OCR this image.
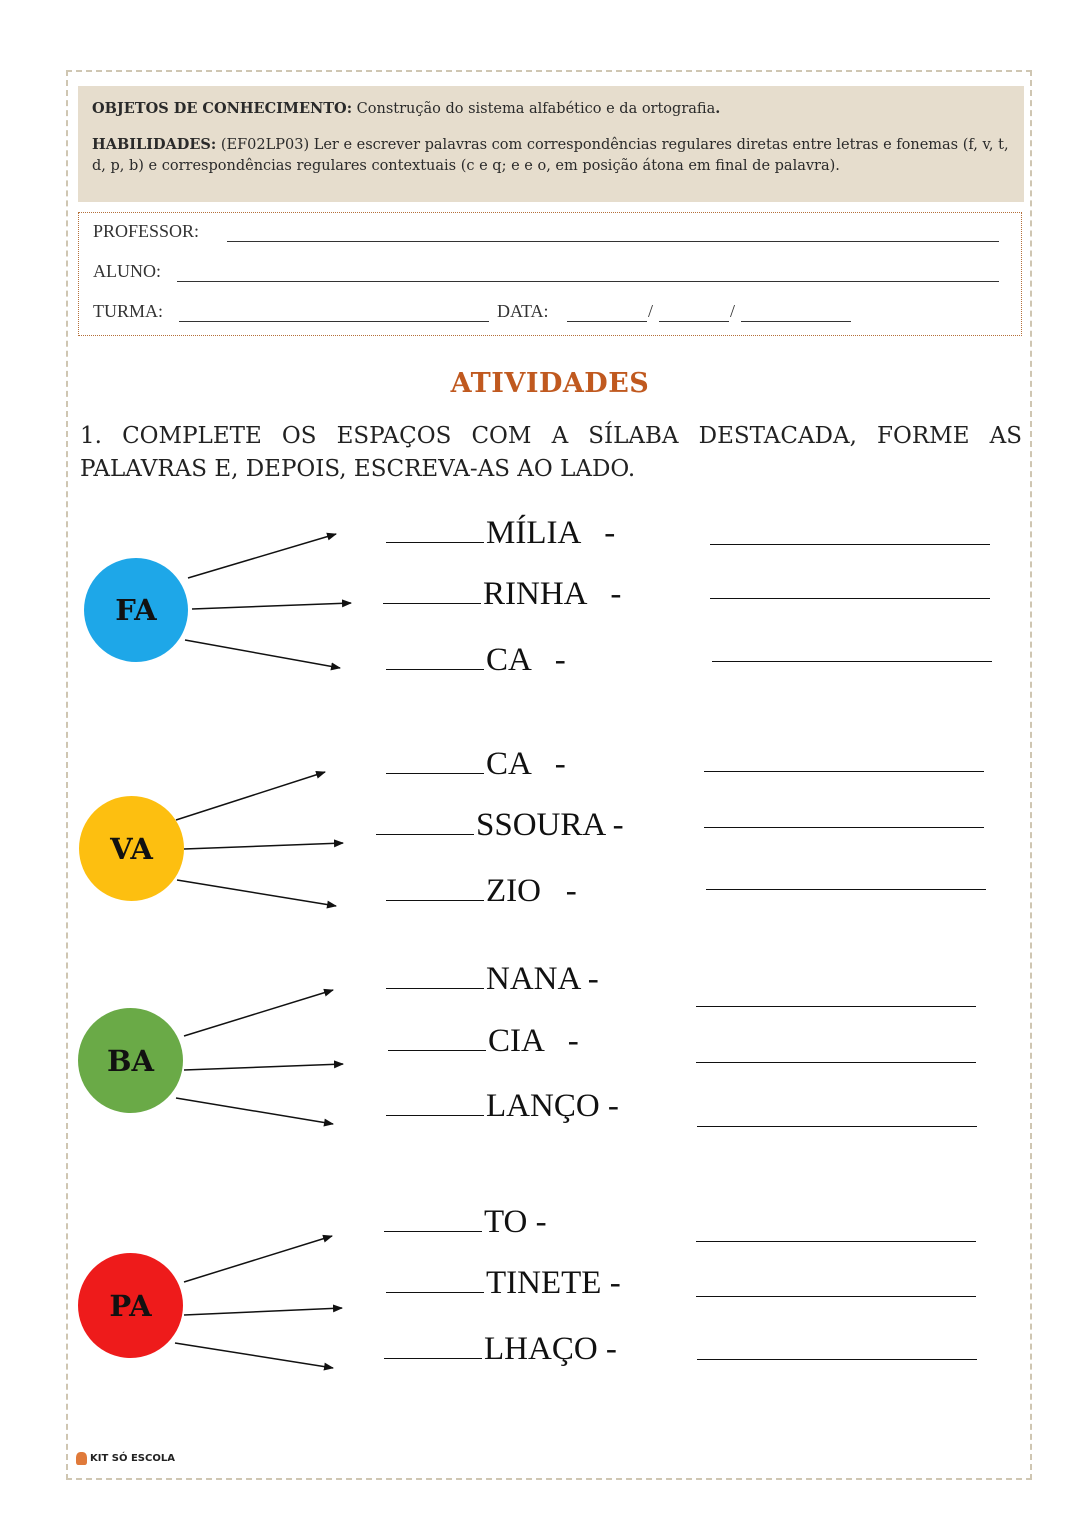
OBJETOS DE CONHECIMENTO: Construção do sistema alfabético e da ortografia.

HABILIDADES: (EF02LP03) Ler e escrever palavras com correspondências regulares diretas entre letras e fonemas (f, v, t, d, p, b) e correspondências regulares contextuais (c e q; e e o, em posição átona em final de palavra).

PROFESSOR:
ALUNO:
TURMA:	DATA:	/	/
ATIVIDADES
1. COMPLETE OS ESPAÇOS COM A SÍLABA DESTACADA, FORME AS PALAVRAS E, DEPOIS, ESCREVA-AS AO LADO.
FA
VA
BA
PA
MÍLIA   -
RINHA   -
CA   -
CA   -
SSOURA -
ZIO   -
NANA -
CIA   -
LANÇO -
TO -
TINETE -
LHAÇO -
KIT SÓ ESCOLA
